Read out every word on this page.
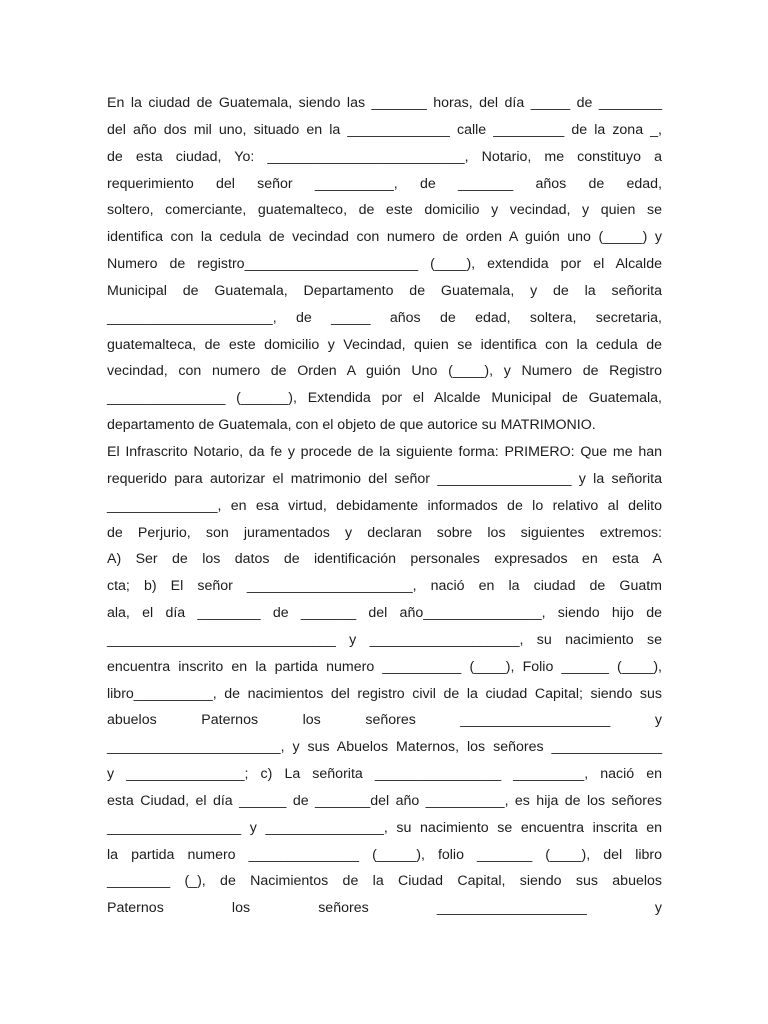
En la ciudad de Guatemala, siendo las _______ horas, del día _____ de ________
del año dos mil uno, situado en la _____________ calle _________ de la zona _,
de esta ciudad, Yo: _________________________, Notario, me constituyo a
requerimiento del señor __________, de _______ años de edad,
soltero, comerciante, guatemalteco, de este domicilio y vecindad, y quien se
identifica con la cedula de vecindad con numero de orden A guión uno (_____) y
Numero de registro______________________ (____), extendida por el Alcalde
Municipal de Guatemala, Departamento de Guatemala, y de la señorita
_____________________, de _____ años de edad, soltera, secretaria,
guatemalteca, de este domicilio y Vecindad, quien se identifica con la cedula de
vecindad, con numero de Orden A guión Uno (____), y Numero de Registro
_______________ (______), Extendida por el Alcalde Municipal de Guatemala,
departamento de Guatemala, con el objeto de que autorice su MATRIMONIO.
El Infrascrito Notario, da fe y procede de la siguiente forma: PRIMERO: Que me han
requerido para autorizar el matrimonio del señor _________________ y la señorita
______________, en esa virtud, debidamente informados de lo relativo al delito
de Perjurio, son juramentados y declaran sobre los siguientes extremos:
A) Ser de los datos de identificación personales expresados en esta A
cta; b) El señor _____________________, nació en la ciudad de Guatm
ala, el día ________ de _______ del año_______________, siendo hijo de
_____________________________ y ___________________, su nacimiento se
encuentra inscrito en la partida numero __________ (____), Folio ______ (____),
libro__________, de nacimientos del registro civil de la ciudad Capital; siendo sus
abuelos Paternos los señores ___________________ y
______________________, y sus Abuelos Maternos, los señores ______________
y _______________; c) La señorita ________________ _________, nació en
esta Ciudad, el día ______ de _______del año __________, es hija de los señores
_________________ y _______________, su nacimiento se encuentra inscrita en
la partida numero ______________ (_____), folio _______ (____), del libro
________ (_), de Nacimientos de la Ciudad Capital, siendo sus abuelos
Paternos los señores ___________________ y
